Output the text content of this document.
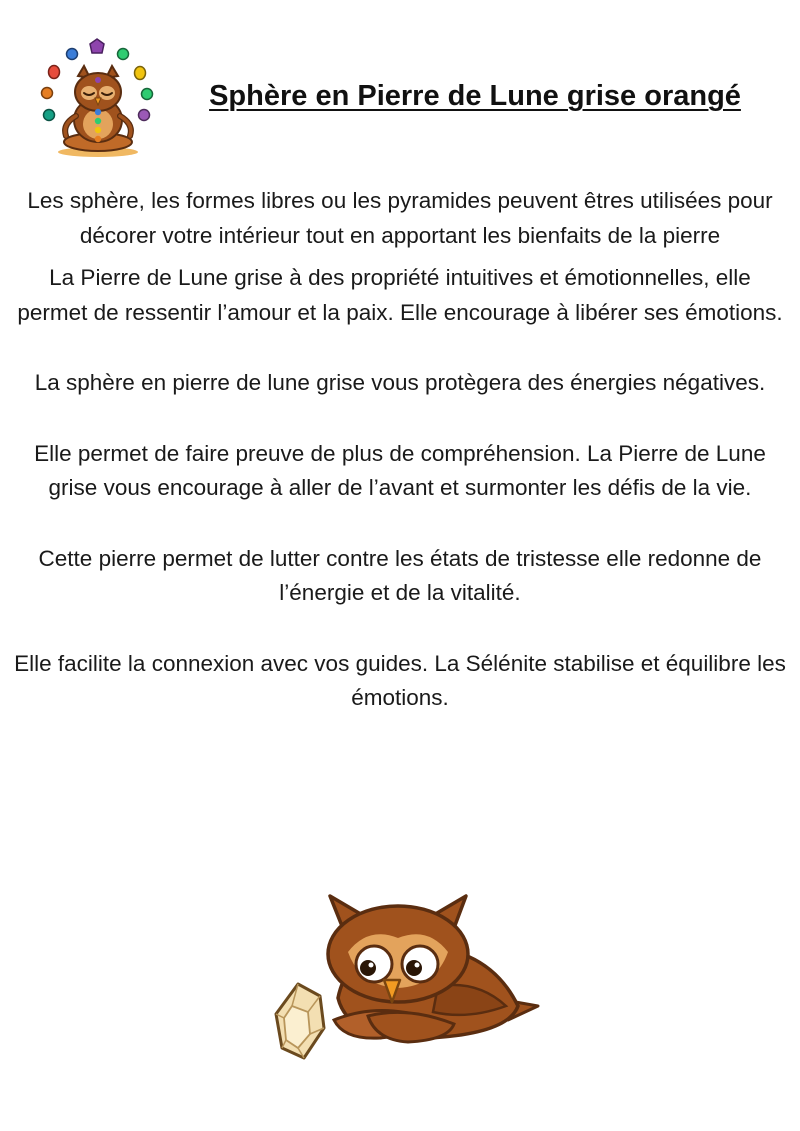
Sphère en Pierre de Lune grise orangé

Les sphère, les formes libres ou les pyramides peuvent êtres utilisées pour décorer votre intérieur tout en apportant les bienfaits de la pierre

La Pierre de Lune grise à des propriété intuitives et émotionnelles, elle permet de ressentir l’amour et la paix. Elle encourage à libérer ses émotions.

La sphère en pierre de lune grise vous protègera des énergies négatives.

Elle permet de faire preuve de plus de compréhension. La Pierre de Lune grise vous encourage à aller de l’avant et surmonter les défis de la vie.

Cette pierre permet de lutter contre les états de tristesse elle redonne de l’énergie et de la vitalité.

Elle facilite la connexion avec vos guides. La Sélénite stabilise et équilibre les émotions.
